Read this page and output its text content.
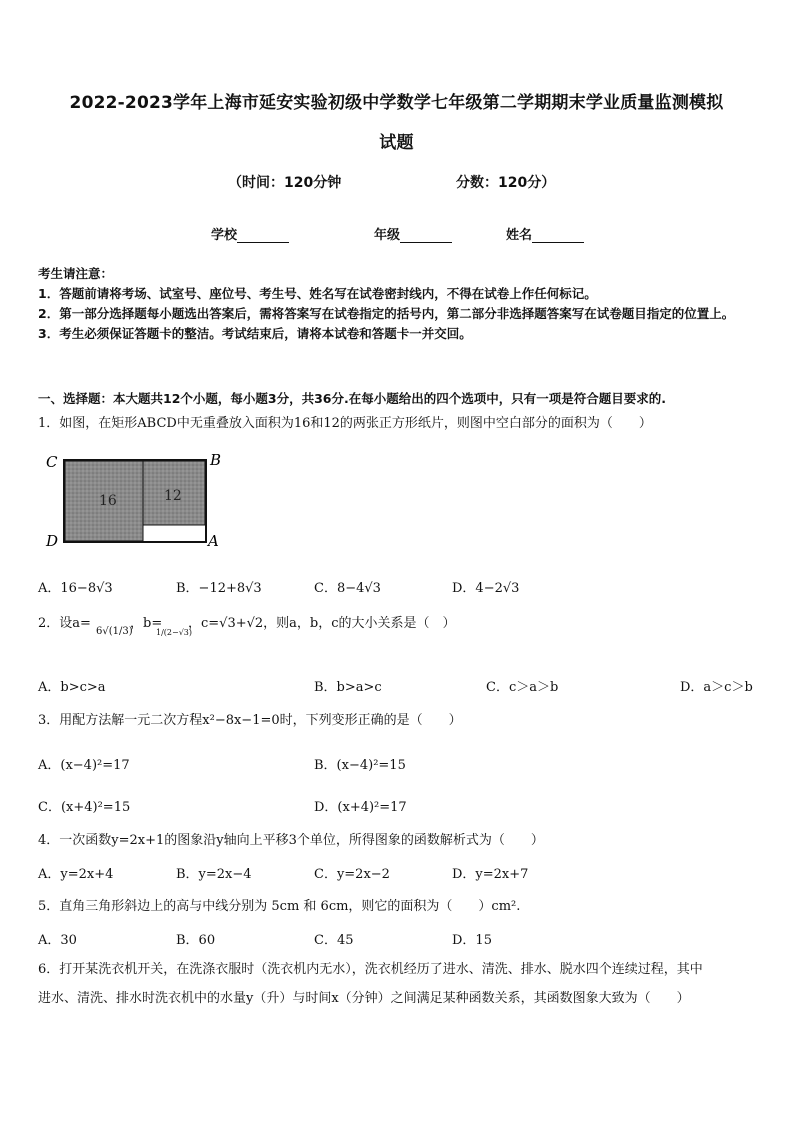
2022-2023学年上海市延安实验初级中学数学七年级第二学期期末学业质量监测模拟
试题
（时间：120分钟	分数：120分）
学校	年级	姓名
考生请注意：
1．答题前请将考场、试室号、座位号、考生号、姓名写在试卷密封线内，不得在试卷上作任何标记。
2．第一部分选择题每小题选出答案后，需将答案写在试卷指定的括号内，第二部分非选择题答案写在试卷题目指定的位置上。
3．考生必须保证答题卡的整洁。考试结束后，请将本试卷和答题卡一并交回。
一、选择题：本大题共12个小题，每小题3分，共36分.在每小题给出的四个选项中，只有一项是符合题目要求的.
1．如图，在矩形ABCD中无重叠放入面积为16和12的两张正方形纸片，则图中空白部分的面积为（　　）
16	12
C	B
D	A
A．16−8√3	B．−12+8√3	C．8−4√3	D．4−2√3
2．设a=
6√(1/3)
，b=
1/(2−√3)
，c=√3+√2，则a，b，c的大小关系是（　）
A．b>c>a	B．b>a>c	C．c＞a＞b	D．a＞c＞b
3．用配方法解一元二次方程x²−8x−1=0时，下列变形正确的是（　　）
A．(x−4)²=17	B．(x−4)²=15
C．(x+4)²=15	D．(x+4)²=17
4．一次函数y=2x+1的图象沿y轴向上平移3个单位，所得图象的函数解析式为（　　）
A．y=2x+4	B．y=2x−4	C．y=2x−2	D．y=2x+7
5．直角三角形斜边上的高与中线分别为 5cm 和 6cm，则它的面积为（　　）cm².
A．30	B．60	C．45	D．15
6．打开某洗衣机开关，在洗涤衣服时（洗衣机内无水），洗衣机经历了进水、清洗、排水、脱水四个连续过程，其中
进水、清洗、排水时洗衣机中的水量y（升）与时间x（分钟）之间满足某种函数关系，其函数图象大致为（　　）
